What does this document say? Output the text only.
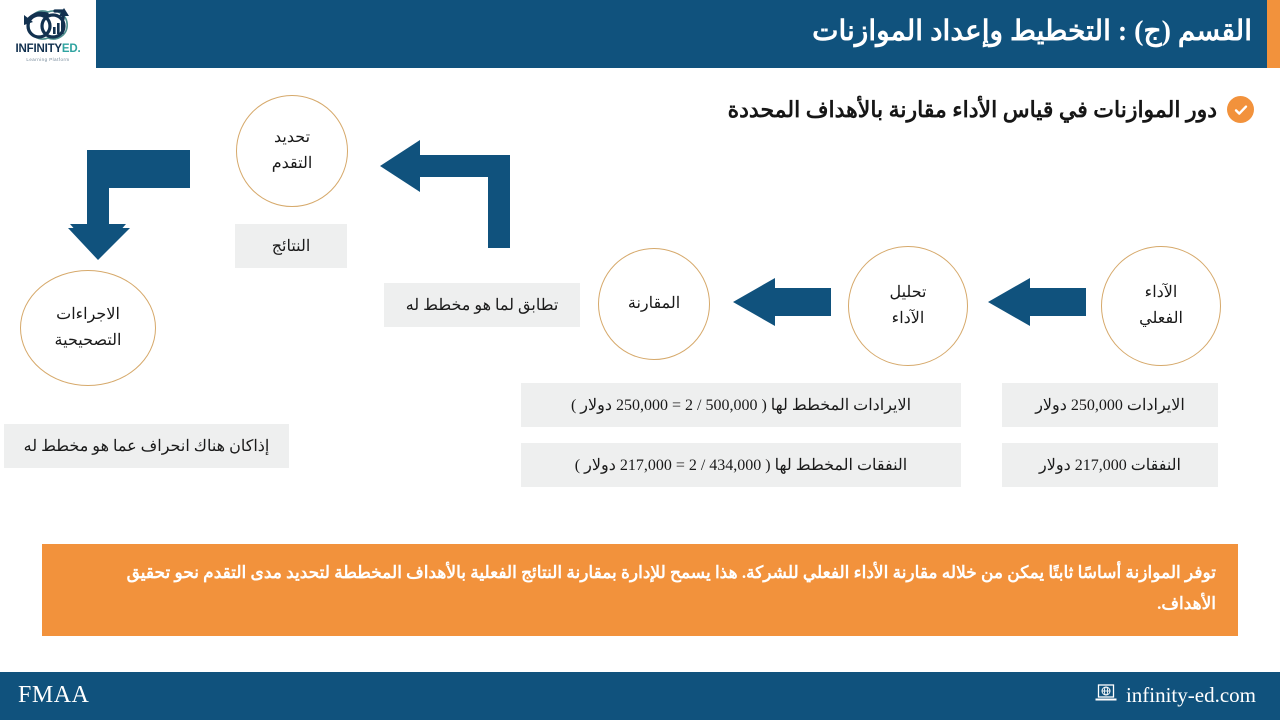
INFINITYED.
Learning Platform
القسم (ج) : التخطيط وإعداد الموازنات
دور الموازنات في قياس الأداء مقارنة بالأهداف المحددة
الآداء
الفعلي
تحليل
الآداء
المقارنة
تحديد
التقدم
الاجراءات
التصحيحية
النتائج
تطابق لما هو مخطط له
إذاكان هناك انحراف عما هو مخطط له
الايرادات 250,000 دولار
النفقات 217,000 دولار
الايرادات المخطط لها ( 500,000 / 2 = 250,000 دولار )
النفقات المخطط لها ( 434,000 / 2 = 217,000 دولار )
توفر الموازنة أساسًا ثابتًا يمكن من خلاله مقارنة الأداء الفعلي للشركة. هذا يسمح للإدارة بمقارنة النتائج الفعلية بالأهداف المخططة لتحديد مدى التقدم نحو تحقيق الأهداف.
FMAA	infinity-ed.com
